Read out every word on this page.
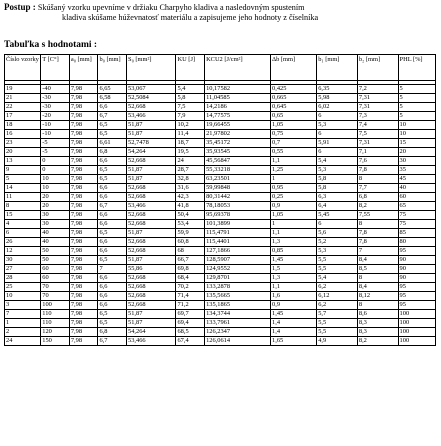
Postup : Skúšaný vzorku upevníme v držiaku Charpyho kladiva a nasledovným spustením
kladiva skúšame húževnatosť materiálu a zapisujeme jeho hodnoty z číselníka
Tabuľka s hodnotami :
Číslo vzorky	T [C°]	a₀ [mm]	b₀ [mm]	S₀ [mm²]	KU [J]	KCU2 [J/cm²]	Δb [mm]	b₁ [mm]	b₂ [mm]	PHL [%]

19	-40	7,98	6,65	53,067	5,4	10,17582	0,425	6,35	7,2	5
21	-30	7,98	6,58	52,5084	5,8	11,04585	0,665	5,98	7,31	5
22	-30	7,98	6,6	52,668	7,5	14,2186	0,645	6,02	7,31	5
17	-20	7,98	6,7	53,466	7,9	14,77575	0,65	6	7,3	5
18	-10	7,98	6,5	51,87	10,2	19,66455	1,05	5,3	7,4	10
16	-10	7,98	6,5	51,87	11,4	21,97802	0,75	6	7,5	10
23	-5	7,98	6,61	52,7478	18,7	35,45172	0,7	5,91	7,31	15
20	-5	7,98	6,8	54,264	19,5	35,93545	0,55	6	7,1	20
13	0	7,98	6,6	52,668	24	45,56847	1,1	5,4	7,6	30
9	0	7,98	6,5	51,87	28,7	55,33218	1,25	5,3	7,8	35
5	10	7,98	6,5	51,87	32,8	63,23501	1	5,8	8	45
14	10	7,98	6,6	52,668	31,6	59,99848	0,95	5,8	7,7	40
11	20	7,98	6,6	52,668	42,3	80,31442	0,25	6,3	6,8	60
8	20	7,98	6,7	53,466	41,8	78,18053	0,9	6,4	8,2	65
15	30	7,98	6,6	52,668	50,4	95,69378	1,05	5,45	7,55	75
4	30	7,98	6,6	52,668	53,4	101,3899	1	6	8	75
6	40	7,98	6,5	51,87	59,9	115,4791	1,1	5,6	7,8	85
26	40	7,98	6,6	52,668	60,8	115,4401	1,3	5,2	7,8	80
12	50	7,98	6,6	52,668	68	127,1866	0,85	5,3	7	95
30	50	7,98	6,5	51,87	66,7	128,5907	1,45	5,5	8,4	90
27	60	7,98	7	55,86	69,8	124,9552	1,5	5,5	8,5	90
28	60	7,98	6,6	52,668	68,4	129,8701	1,3	5,4	8	90
25	70	7,98	6,6	52,668	70,2	133,2878	1,1	6,2	8,4	95
10	70	7,98	6,6	52,668	71,4	135,5665	1,6	6,12	8,12	95
3	100	7,98	6,6	52,668	71,2	135,1865	0,9	6,2	8	95
7	110	7,98	6,5	51,87	69,7	134,3744	1,45	5,7	8,6	100
1	110	7,98	6,5	51,87	69,4	133,7961	1,4	5,5	8,3	100
2	120	7,98	6,8	54,264	68,5	126,2347	1,4	5,5	8,3	100
24	150	7,98	6,7	53,466	67,4	126,0614	1,65	4,9	8,2	100
